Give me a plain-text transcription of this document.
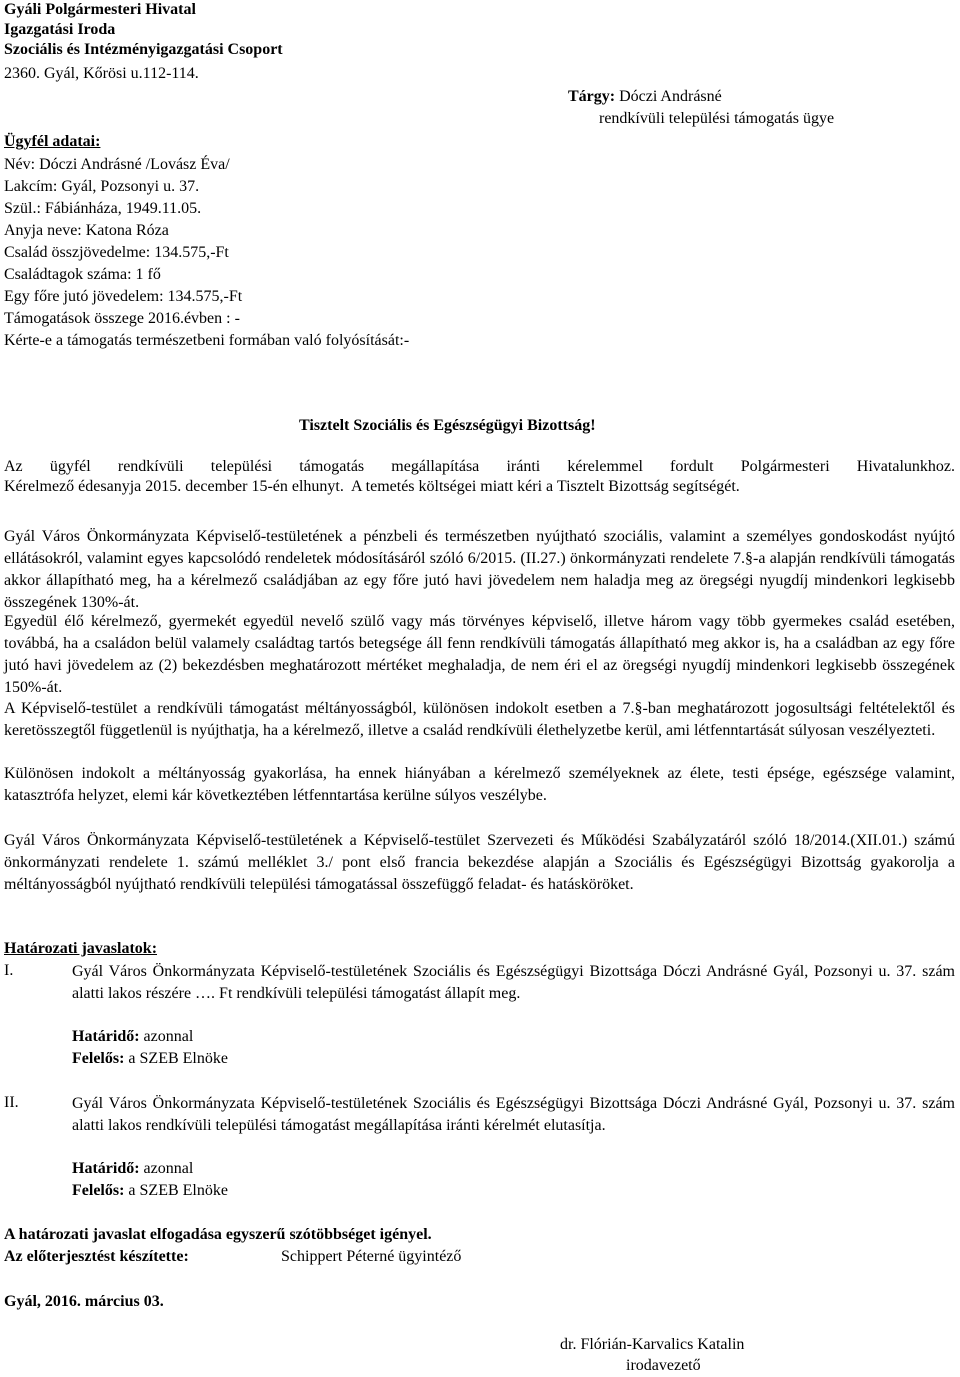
Gyáli Polgármesteri Hivatal
Igazgatási Iroda
Szociális és Intézményigazgatási Csoport
2360. Gyál, Kőrösi u.112-114.
Tárgy: Dóczi Andrásné
rendkívüli települési támogatás ügye
Ügyfél adatai:
Név: Dóczi Andrásné /Lovász Éva/
Lakcím: Gyál, Pozsonyi u. 37.
Szül.: Fábiánháza, 1949.11.05.
Anyja neve: Katona Róza
Család összjövedelme: 134.575,-Ft
Családtagok száma: 1 fő
Egy főre jutó jövedelem: 134.575,-Ft
Támogatások összege 2016.évben : -
Kérte-e a támogatás természetbeni formában való folyósítását:-
Tisztelt Szociális és Egészségügyi Bizottság!

Az ügyfél rendkívüli települési támogatás megállapítása iránti kérelemmel fordult Polgármesteri Hivatalunkhoz.

Kérelmező édesanyja 2015. december 15-én elhunyt.  A temetés költségei miatt kéri a Tisztelt Bizottság segítségét.

Gyál Város Önkormányzata Képviselő-testületének a pénzbeli és természetben nyújtható szociális, valamint a személyes gondoskodást nyújtó ellátásokról, valamint egyes kapcsolódó rendeletek módosításáról szóló 6/2015. (II.27.) önkormányzati rendelete 7.§-a alapján rendkívüli támogatás akkor állapítható meg, ha a kérelmező családjában az egy főre jutó havi jövedelem nem haladja meg az öregségi nyugdíj mindenkori legkisebb összegének 130%-át.

Egyedül élő kérelmező, gyermekét egyedül nevelő szülő vagy más törvényes képviselő, illetve három vagy több gyermekes család esetében, továbbá, ha a családon belül valamely családtag tartós betegsége áll fenn rendkívüli támogatás állapítható meg akkor is, ha a családban az egy főre jutó havi jövedelem az (2) bekezdésben meghatározott mértéket meghaladja, de nem éri el az öregségi nyugdíj mindenkori legkisebb összegének 150%-át.

A Képviselő-testület a rendkívüli támogatást méltányosságból, különösen indokolt esetben a 7.§-ban meghatározott jogosultsági feltételektől és keretösszegtől függetlenül is nyújthatja, ha a kérelmező, illetve a család rendkívüli élethelyzetbe kerül, ami létfenntartását súlyosan veszélyezteti.

Különösen indokolt a méltányosság gyakorlása, ha ennek hiányában a kérelmező személyeknek az élete, testi épsége, egészsége valamint, katasztrófa helyzet, elemi kár következtében létfenntartása kerülne súlyos veszélybe.

Gyál Város Önkormányzata Képviselő-testületének a Képviselő-testület Szervezeti és Működési Szabályzatáról szóló 18/2014.(XII.01.) számú önkormányzati rendelete 1. számú melléklet 3./ pont első francia bekezdése alapján a Szociális és Egészségügyi Bizottság gyakorolja a méltányosságból nyújtható rendkívüli települési támogatással összefüggő feladat- és hatásköröket.

Határozati javaslatok:
I.	Gyál Város Önkormányzata Képviselő-testületének Szociális és Egészségügyi Bizottsága Dóczi Andrásné Gyál, Pozsonyi u. 37. szám alatti lakos részére …. Ft rendkívüli települési támogatást állapít meg.

Határidő: azonnal
Felelős: a SZEB Elnöke
II.	Gyál Város Önkormányzata Képviselő-testületének Szociális és Egészségügyi Bizottsága Dóczi Andrásné Gyál, Pozsonyi u. 37. szám alatti lakos rendkívüli települési támogatást megállapítása iránti kérelmét elutasítja.

Határidő: azonnal
Felelős: a SZEB Elnöke
A határozati javaslat elfogadása egyszerű szótöbbséget igényel.
Az előterjesztést készítette:	Schippert Péterné ügyintéző
Gyál, 2016. március 03.
dr. Flórián-Karvalics Katalin
irodavezető
